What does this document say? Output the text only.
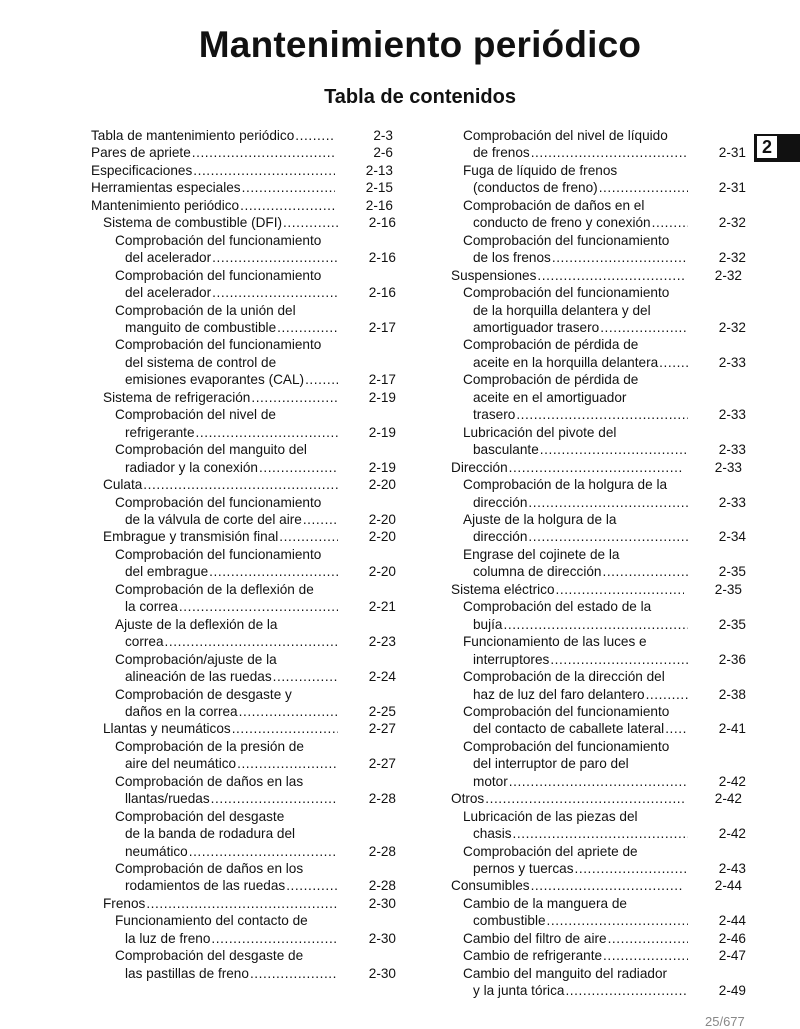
Mantenimiento periódico
Tabla de contenidos
2
Tabla de mantenimiento periódico . . .	2-3
Pares de apriete . . .	2-6
Especificaciones . . .	2-13
Herramientas especiales . . .	2-15
Mantenimiento periódico . . .	2-16
Sistema de combustible (DFI) . . .	2-16
Comprobación del funcionamiento
del acelerador . . .	2-16
Comprobación del funcionamiento
del acelerador . . .	2-16
Comprobación de la unión del
manguito de combustible . . .	2-17
Comprobación del funcionamiento
del sistema de control de
emisiones evaporantes (CAL) . . .	2-17
Sistema de refrigeración . . .	2-19
Comprobación del nivel de
refrigerante . . .	2-19
Comprobación del manguito del
radiador y la conexión . . .	2-19
Culata . . .	2-20
Comprobación del funcionamiento
de la válvula de corte del aire . . .	2-20
Embrague y transmisión final . . .	2-20
Comprobación del funcionamiento
del embrague . . .	2-20
Comprobación de la deflexión de
la correa . . .	2-21
Ajuste de la deflexión de la
correa . . .	2-23
Comprobación/ajuste de la
alineación de las ruedas . . .	2-24
Comprobación de desgaste y
daños en la correa . . .	2-25
Llantas y neumáticos . . .	2-27
Comprobación de la presión de
aire del neumático . . .	2-27
Comprobación de daños en las
llantas/ruedas . . .	2-28
Comprobación del desgaste
de la banda de rodadura del
neumático . . .	2-28
Comprobación de daños en los
rodamientos de las ruedas . . .	2-28
Frenos . . .	2-30
Funcionamiento del contacto de
la luz de freno . . .	2-30
Comprobación del desgaste de
las pastillas de freno . . .	2-30
Comprobación del nivel de líquido
de frenos . . .	2-31
Fuga de líquido de frenos
(conductos de freno) . . .	2-31
Comprobación de daños en el
conducto de freno y conexión . . .	2-32
Comprobación del funcionamiento
de los frenos . . .	2-32
Suspensiones . . .	2-32
Comprobación del funcionamiento
de la horquilla delantera y del
amortiguador trasero . . .	2-32
Comprobación de pérdida de
aceite en la horquilla delantera . . .	2-33
Comprobación de pérdida de
aceite en el amortiguador
trasero . . .	2-33
Lubricación del pivote del
basculante . . .	2-33
Dirección . . .	2-33
Comprobación de la holgura de la
dirección . . .	2-33
Ajuste de la holgura de la
dirección . . .	2-34
Engrase del cojinete de la
columna de dirección . . .	2-35
Sistema eléctrico . . .	2-35
Comprobación del estado de la
bujía . . .	2-35
Funcionamiento de las luces e
interruptores . . .	2-36
Comprobación de la dirección del
haz de luz del faro delantero . . .	2-38
Comprobación del funcionamiento
del contacto de caballete lateral . . .	2-41
Comprobación del funcionamiento
del interruptor de paro del
motor . . .	2-42
Otros . . .	2-42
Lubricación de las piezas del
chasis . . .	2-42
Comprobación del apriete de
pernos y tuercas . . .	2-43
Consumibles . . .	2-44
Cambio de la manguera de
combustible . . .	2-44
Cambio del filtro de aire . . .	2-46
Cambio de refrigerante . . .	2-47
Cambio del manguito del radiador
y la junta tórica . . .	2-49
25/677
